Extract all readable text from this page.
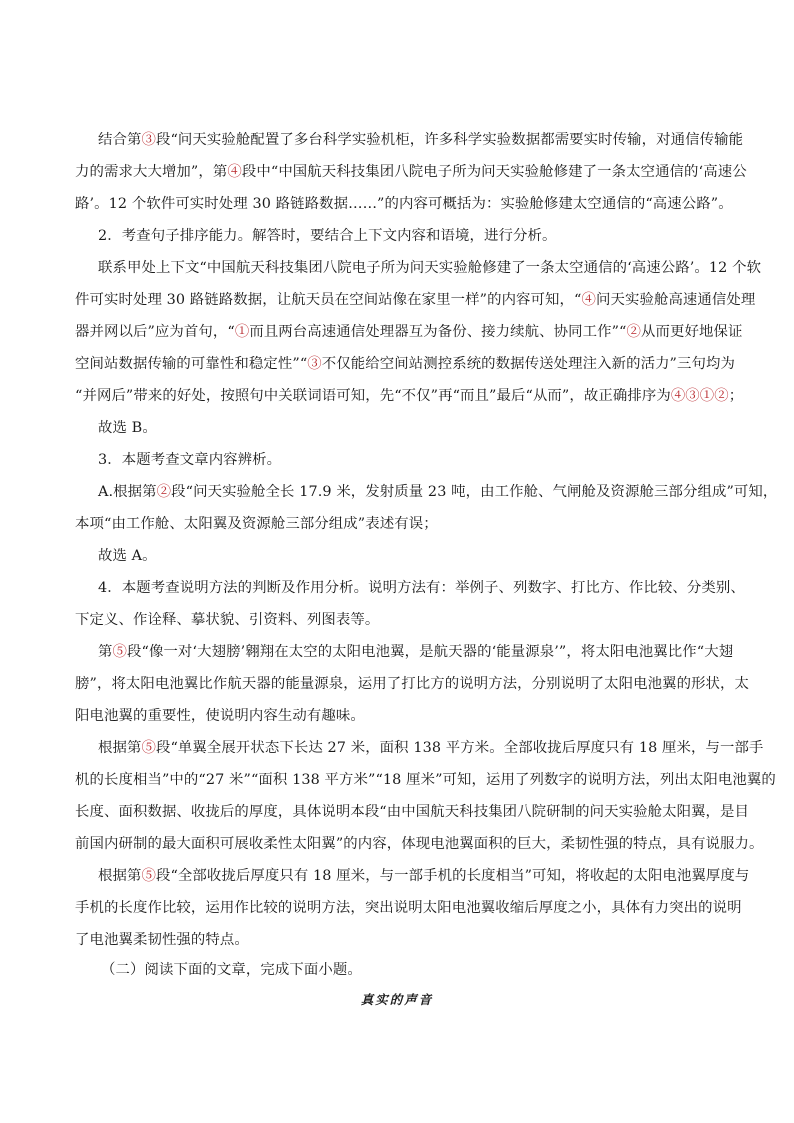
结合第③段“问天实验舱配置了多台科学实验机柜，许多科学实验数据都需要实时传输，对通信传输能
力的需求大大增加”，第④段中“中国航天科技集团八院电子所为问天实验舱修建了一条太空通信的‘高速公
路’。12 个软件可实时处理 30 路链路数据……”的内容可概括为：实验舱修建太空通信的“高速公路”。
2．考查句子排序能力。解答时，要结合上下文内容和语境，进行分析。
联系甲处上下文“中国航天科技集团八院电子所为问天实验舱修建了一条太空通信的‘高速公路’。12 个软
件可实时处理 30 路链路数据，让航天员在空间站像在家里一样”的内容可知，“④问天实验舱高速通信处理
器并网以后”应为首句，“①而且两台高速通信处理器互为备份、接力续航、协同工作”“②从而更好地保证
空间站数据传输的可靠性和稳定性”“③不仅能给空间站测控系统的数据传送处理注入新的活力”三句均为
“并网后”带来的好处，按照句中关联词语可知，先“不仅”再“而且”最后“从而”，故正确排序为④③①②；
故选 B。
3．本题考查文章内容辨析。
A.根据第②段“问天实验舱全长 17.9 米，发射质量 23 吨，由工作舱、气闸舱及资源舱三部分组成”可知，
本项“由工作舱、太阳翼及资源舱三部分组成”表述有误；
故选 A。
4．本题考查说明方法的判断及作用分析。说明方法有：举例子、列数字、打比方、作比较、分类别、
下定义、作诠释、摹状貌、引资料、列图表等。
第⑤段“像一对‘大翅膀’翱翔在太空的太阳电池翼，是航天器的‘能量源泉’”，将太阳电池翼比作“大翅
膀”，将太阳电池翼比作航天器的能量源泉，运用了打比方的说明方法，分别说明了太阳电池翼的形状，太
阳电池翼的重要性，使说明内容生动有趣味。
根据第⑤段“单翼全展开状态下长达 27 米，面积 138 平方米。全部收拢后厚度只有 18 厘米，与一部手
机的长度相当”中的“27 米”“面积 138 平方米”“18 厘米”可知，运用了列数字的说明方法，列出太阳电池翼的
长度、面积数据、收拢后的厚度，具体说明本段“由中国航天科技集团八院研制的问天实验舱太阳翼，是目
前国内研制的最大面积可展收柔性太阳翼”的内容，体现电池翼面积的巨大，柔韧性强的特点，具有说服力。
根据第⑤段“全部收拢后厚度只有 18 厘米，与一部手机的长度相当”可知，将收起的太阳电池翼厚度与
手机的长度作比较，运用作比较的说明方法，突出说明太阳电池翼收缩后厚度之小，具体有力突出的说明
了电池翼柔韧性强的特点。
（二）阅读下面的文章，完成下面小题。
真实的声音
